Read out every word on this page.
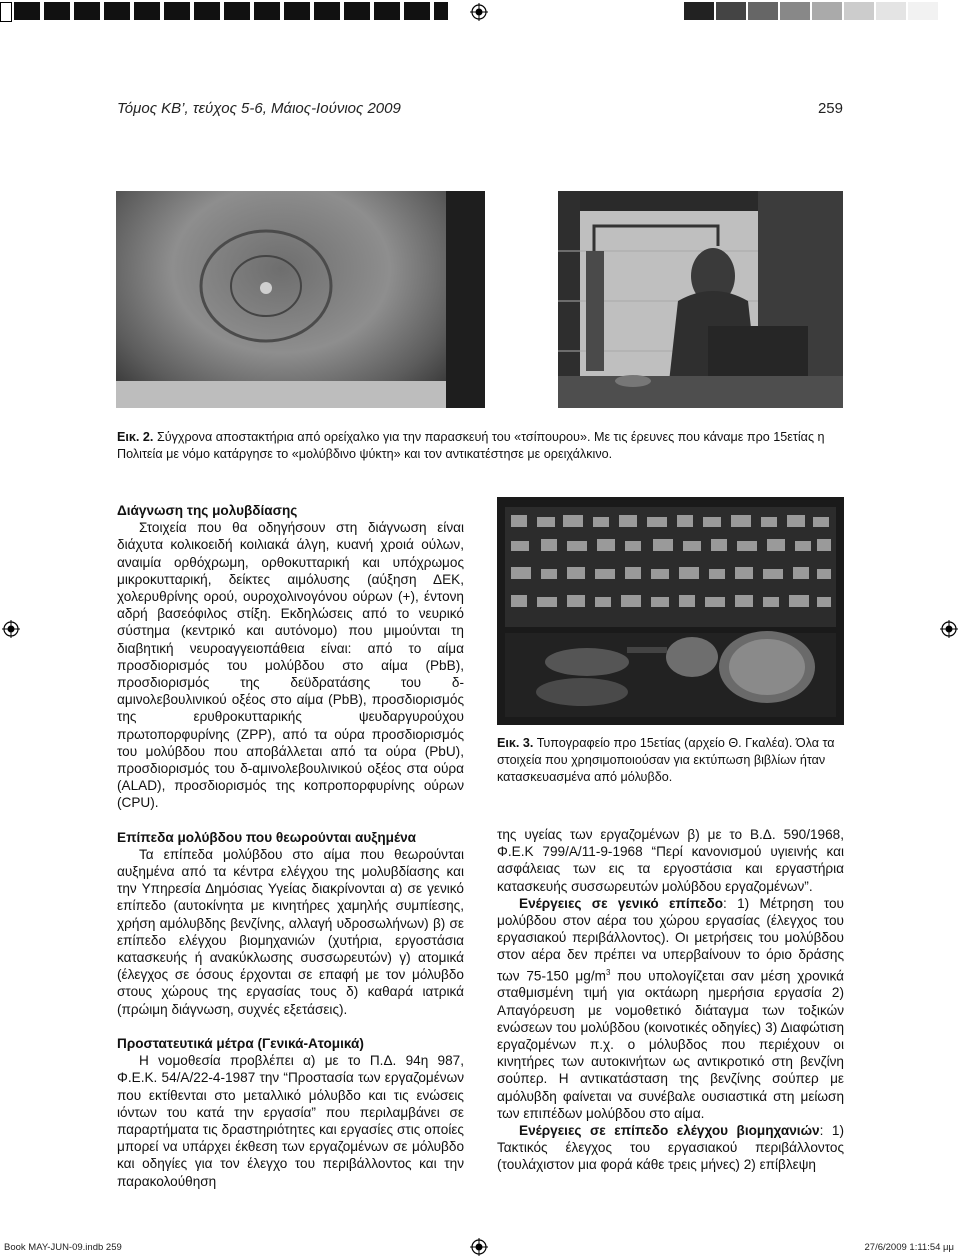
Τόμος ΚΒ’, τεύχος 5-6, Μάιος-Ιούνιος 2009	259
Εικ. 2. Σύγχρονα αποστακτήρια από ορείχαλκο για την παρασκευή του «τσίπουρου». Με τις έρευνες που κάναμε προ 15ετίας η Πολιτεία με νόμο κατάργησε το «μολύβδινο ψύκτη» και τον αντικατέστησε με ορειχάλκινο.
Εικ. 3. Τυπογραφείο προ 15ετίας (αρχείο Θ. Γκαλέα). Όλα τα στοιχεία που χρησιμοποιούσαν για εκτύπωση βιβλίων ήταν κατασκευασμένα από μόλυβδο.
Διάγνωση της μολυβδίασης

Στοιχεία που θα οδηγήσουν στη διάγνωση είναι διάχυτα κολικοειδή κοιλιακά άλγη, κυανή χροιά ούλων, αναιμία ορθόχρωμη, ορθοκυτταρική και υπόχρωμος μικροκυτταρική, δείκτες αιμόλυσης (αύξηση ΔΕΚ, χολερυθρίνης ορού, ουροχολινογόνου ούρων (+), έντονη αδρή βασεόφιλος στίξη. Εκδηλώσεις από το νευρικό σύστημα (κεντρικό και αυτόνομο) που μιμούνται τη διαβητική νευροαγγειοπάθεια είναι: από το αίμα προσδιορισμός του μολύβδου στο αίμα (PbB), προσδιορισμός της δεϋδρατάσης του δ-αμινολεβουλινικού οξέος στο αίμα (PbB), προσδιορισμός της ερυθροκυτταρικής ψευδαργυρούχου πρωτοπορφυρίνης (ZPP), από τα ούρα προσδιορισμός του μολύβδου που αποβάλλεται από τα ούρα (PbU), προσδιορισμός του δ-αμινολεβουλινικού οξέος στα ούρα (ALAD), προσδιορισμός της κοπροπορφυρίνης ούρων (CPU).

Επίπεδα μολύβδου που θεωρούνται αυξημένα

Τα επίπεδα μολύβδου στο αίμα που θεωρούνται αυξημένα από τα κέντρα ελέγχου της μολυβδίασης και την Υπηρεσία Δημόσιας Υγείας διακρίνονται α) σε γενικό επίπεδο (αυτοκίνητα με κινητήρες χαμηλής συμπίεσης, χρήση αμόλυβδης βενζίνης, αλλαγή υδροσωλήνων) β) σε επίπεδο ελέγχου βιομηχανιών (χυτήρια, εργοστάσια κατασκευής ή ανακύκλωσης συσσωρευτών) γ) ατομικά (έλεγχος σε όσους έρχονται σε επαφή με τον μόλυβδο στους χώρους της εργασίας τους δ) καθαρά ιατρικά (πρώιμη διάγνωση, συχνές εξετάσεις).

Προστατευτικά μέτρα (Γενικά-Ατομικά)

Η νομοθεσία προβλέπει α) με το Π.Δ. 94η 987, Φ.Ε.Κ. 54/Α/22-4-1987 την “Προστασία των εργαζομένων που εκτίθενται στο μεταλλικό μόλυβδο και τις ενώσεις ιόντων του κατά την εργασία” που περιλαμβάνει σε παραρτήματα τις δραστηριότητες και εργασίες στις οποίες μπορεί να υπάρχει έκθεση των εργαζομένων σε μόλυβδο και οδηγίες για τον έλεγχο του περιβάλλοντος και την παρακολούθηση

της υγείας των εργαζομένων β) με το Β.Δ. 590/1968, Φ.Ε.Κ 799/Α/11-9-1968 “Περί κανονισμού υγιεινής και ασφάλειας των εις τα εργοστάσια και εργαστήρια κατασκευής συσσωρευτών μολύβδου εργαζομένων”.

Ενέργειες σε γενικό επίπεδο: 1) Μέτρηση του μολύβδου στον αέρα του χώρου εργασίας (έλεγχος του εργασιακού περιβάλλοντος). Οι μετρήσεις του μολύβδου στον αέρα δεν πρέπει να υπερβαίνουν το όριο δράσης των 75-150 $\mu g/m^3$ που υπολογίζεται σαν μέση χρονικά σταθμισμένη τιμή για οκτάωρη ημερήσια εργασία 2) Απαγόρευση με νομοθετικό διάταγμα των τοξικών ενώσεων του μολύβδου (κοινοτικές οδηγίες) 3) Διαφώτιση εργαζομένων π.χ. ο μόλυβδος που περιέχουν οι κινητήρες των αυτοκινήτων ως αντικροτικό στη βενζίνη σούπερ. Η αντικατάσταση της βενζίνης σούπερ με αμόλυβδη φαίνεται να συνέβαλε ουσιαστικά στη μείωση των επιπέδων μολύβδου στο αίμα.

Ενέργειες σε επίπεδο ελέγχου βιομηχανιών: 1) Τακτικός έλεγχος του εργασιακού περιβάλλοντος (τουλάχιστον μια φορά κάθε τρεις μήνες) 2) επίβλεψη

Book MAY-JUN-09.indb 259	27/6/2009 1:11:54 μμ
